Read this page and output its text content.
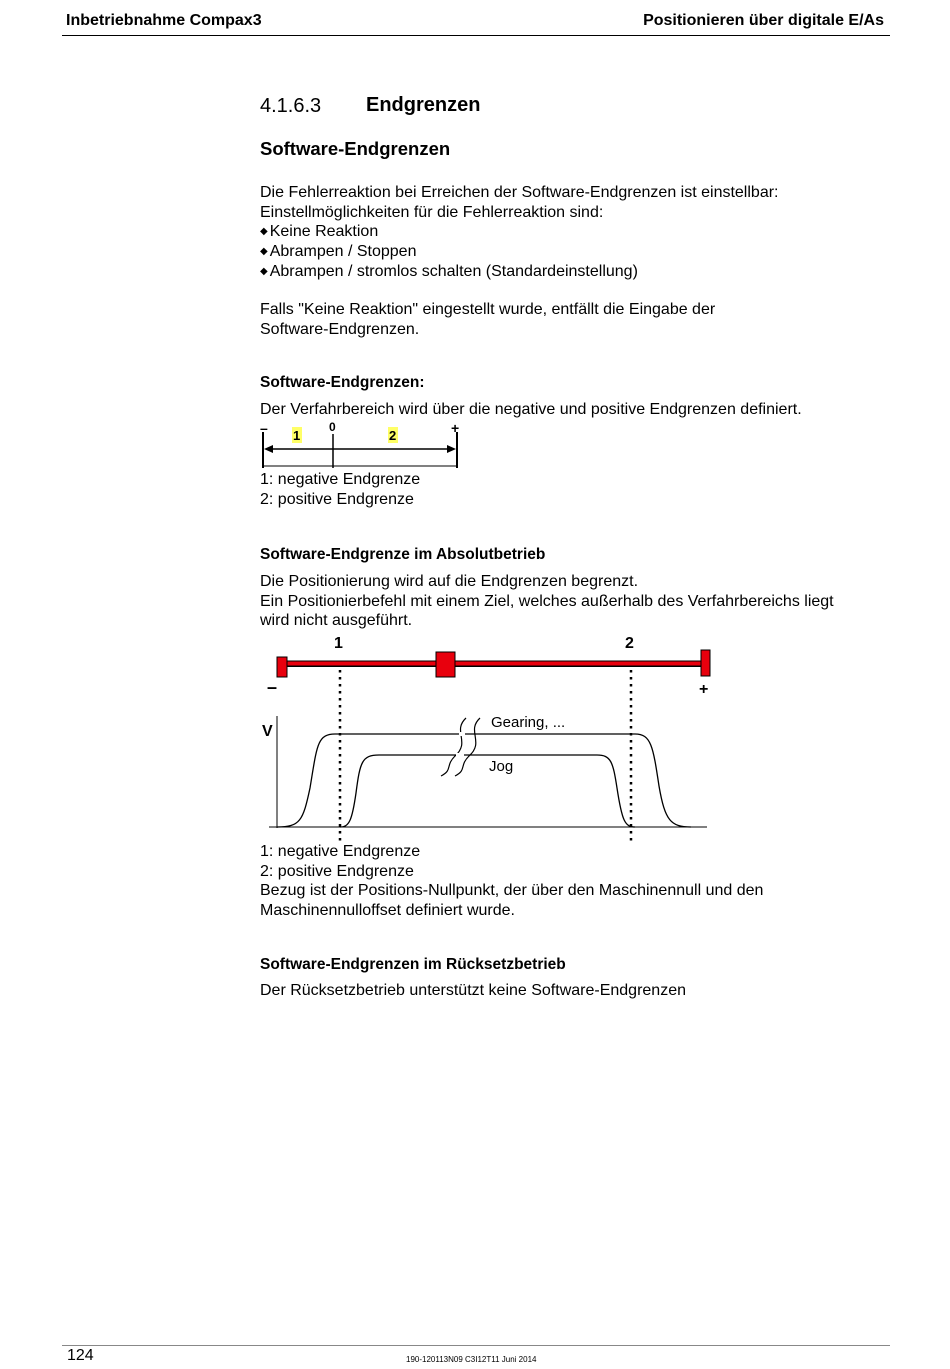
Inbetriebnahme Compax3	Positionieren über digitale E/As
4.1.6.3 Endgrenzen
Software-Endgrenzen
Die Fehlerreaktion bei Erreichen der Software-Endgrenzen ist einstellbar:
Einstellmöglichkeiten für die Fehlerreaktion sind:
◆ Keine Reaktion
◆ Abrampen / Stoppen
◆ Abrampen / stromlos schalten (Standardeinstellung)
Falls "Keine Reaktion" eingestellt wurde, entfällt die Eingabe der
Software-Endgrenzen.
Software-Endgrenzen:
Der Verfahrbereich wird über die negative und positive Endgrenzen definiert.
–	0	+
1	2
1: negative Endgrenze
2: positive Endgrenze
Software-Endgrenze im Absolutbetrieb
Die Positionierung wird auf die Endgrenzen begrenzt.
Ein Positionierbefehl mit einem Ziel, welches außerhalb des Verfahrbereichs liegt
wird nicht ausgeführt.
1	2
–	+
V
Gearing, ...
Jog
1: negative Endgrenze
2: positive Endgrenze
Bezug ist der Positions-Nullpunkt, der über den Maschinennull und den
Maschinennulloffset definiert wurde.
Software-Endgrenzen im Rücksetzbetrieb
Der Rücksetzbetrieb unterstützt keine Software-Endgrenzen
124	190-120113N09 C3I12T11 Juni 2014
